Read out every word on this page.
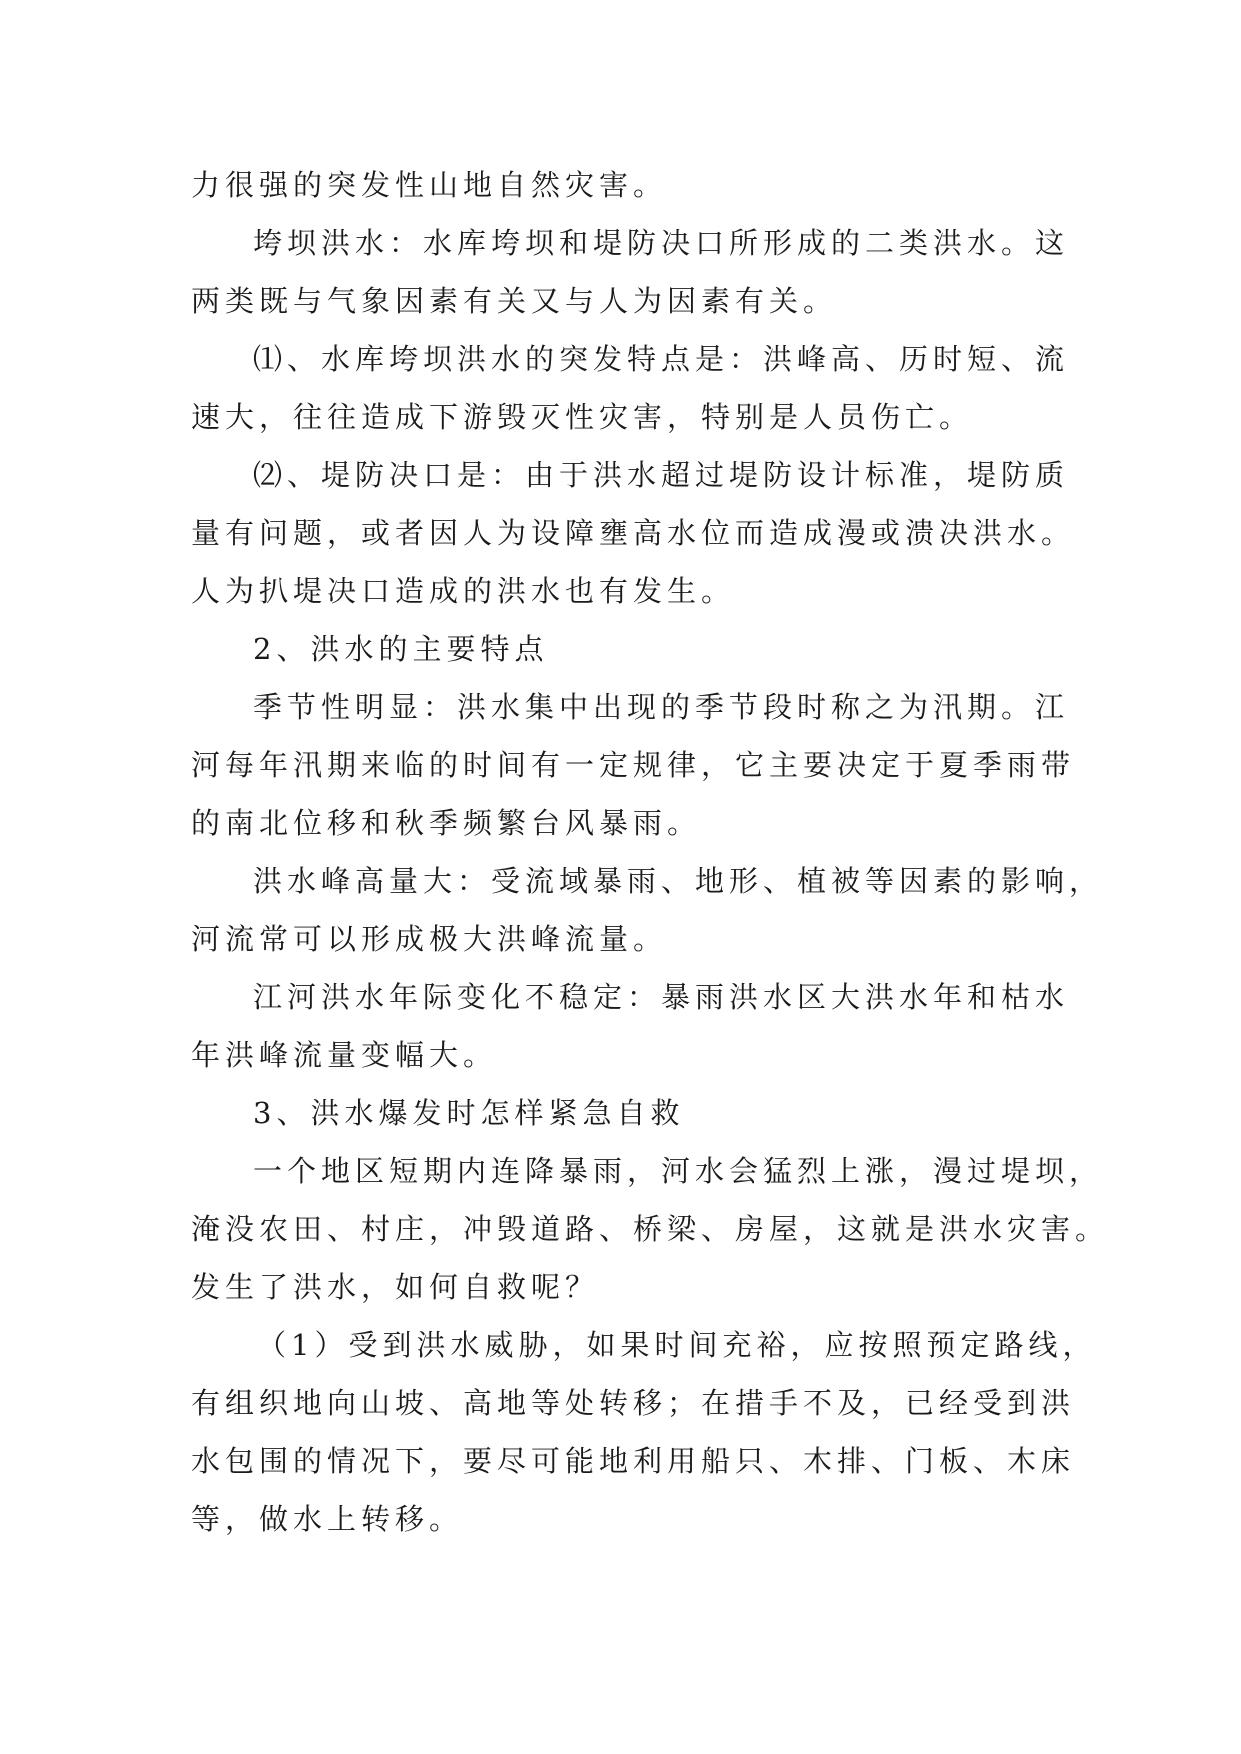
力很强的突发性山地自然灾害。
垮坝洪水：水库垮坝和堤防决口所形成的二类洪水。这
两类既与气象因素有关又与人为因素有关。
⑴、水库垮坝洪水的突发特点是：洪峰高、历时短、流
速大，往往造成下游毁灭性灾害，特别是人员伤亡。
⑵、堤防决口是：由于洪水超过堤防设计标准，堤防质
量有问题，或者因人为设障壅高水位而造成漫或溃决洪水。
人为扒堤决口造成的洪水也有发生。
2、洪水的主要特点
季节性明显：洪水集中出现的季节段时称之为汛期。江
河每年汛期来临的时间有一定规律，它主要决定于夏季雨带
的南北位移和秋季频繁台风暴雨。
洪水峰高量大：受流域暴雨、地形、植被等因素的影响，
河流常可以形成极大洪峰流量。
江河洪水年际变化不稳定：暴雨洪水区大洪水年和枯水
年洪峰流量变幅大。
3、洪水爆发时怎样紧急自救
一个地区短期内连降暴雨，河水会猛烈上涨，漫过堤坝，
淹没农田、村庄，冲毁道路、桥梁、房屋，这就是洪水灾害。
发生了洪水，如何自救呢？
（1）受到洪水威胁，如果时间充裕，应按照预定路线，
有组织地向山坡、高地等处转移；在措手不及，已经受到洪
水包围的情况下，要尽可能地利用船只、木排、门板、木床
等，做水上转移。
